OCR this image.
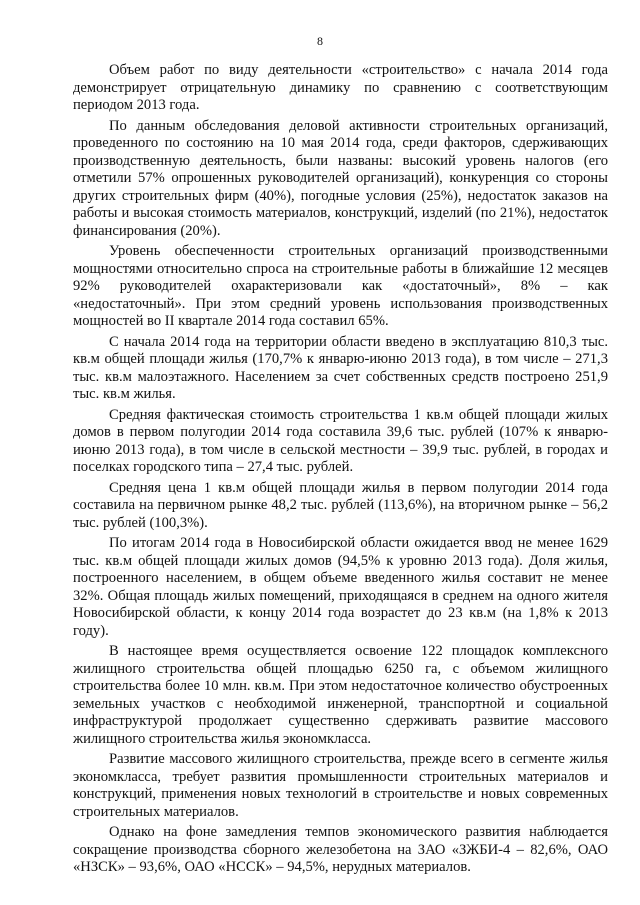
8

Объем работ по виду деятельности «строительство» с начала 2014 года демонстрирует отрицательную динамику по сравнению с соответствующим периодом 2013 года.

По данным обследования деловой активности строительных организаций, проведенного по состоянию на 10 мая 2014 года, среди факторов, сдерживающих производственную деятельность, были названы: высокий уровень налогов (его отметили 57% опрошенных руководителей организаций), конкуренция со стороны других строительных фирм (40%), погодные условия (25%), недостаток заказов на работы и высокая стоимость материалов, конструкций, изделий (по 21%), недостаток финансирования (20%).

Уровень обеспеченности строительных организаций производственными мощностями относительно спроса на строительные работы в ближайшие 12 месяцев 92% руководителей охарактеризовали как «достаточный», 8% – как «недостаточный». При этом средний уровень использования производственных мощностей во II квартале 2014 года составил 65%.

С начала 2014 года на территории области введено в эксплуатацию 810,3 тыс. кв.м общей площади жилья (170,7% к январю-июню 2013 года), в том числе – 271,3 тыс. кв.м малоэтажного. Населением за счет собственных средств построено 251,9 тыс. кв.м жилья.

Средняя фактическая стоимость строительства 1 кв.м общей площади жилых домов в первом полугодии 2014 года составила 39,6 тыс. рублей (107% к январю-июню 2013 года), в том числе в сельской местности – 39,9 тыс. рублей, в городах и поселках городского типа – 27,4 тыс. рублей.

Средняя цена 1 кв.м общей площади жилья в первом полугодии 2014 года составила на первичном рынке 48,2 тыс. рублей (113,6%), на вторичном рынке – 56,2 тыс. рублей (100,3%).

По итогам 2014 года в Новосибирской области ожидается ввод не менее 1629 тыс. кв.м общей площади жилых домов (94,5% к уровню 2013 года). Доля жилья, построенного населением, в общем объеме введенного жилья составит не менее 32%. Общая площадь жилых помещений, приходящаяся в среднем на одного жителя Новосибирской области, к концу 2014 года возрастет до 23 кв.м (на 1,8% к 2013 году).

В настоящее время осуществляется освоение 122 площадок комплексного жилищного строительства общей площадью 6250 га, с объемом жилищного строительства более 10 млн. кв.м. При этом недостаточное количество обустроенных земельных участков с необходимой инженерной, транспортной и социальной инфраструктурой продолжает существенно сдерживать развитие массового жилищного строительства жилья экономкласса.

Развитие массового жилищного строительства, прежде всего в сегменте жилья экономкласса, требует развития промышленности строительных материалов и конструкций, применения новых технологий в строительстве и новых современных строительных материалов.

Однако на фоне замедления темпов экономического развития наблюдается сокращение производства сборного железобетона на ЗАО «ЗЖБИ-4 – 82,6%, ОАО «НЗСК» – 93,6%, ОАО «НССК» – 94,5%, нерудных материалов.
